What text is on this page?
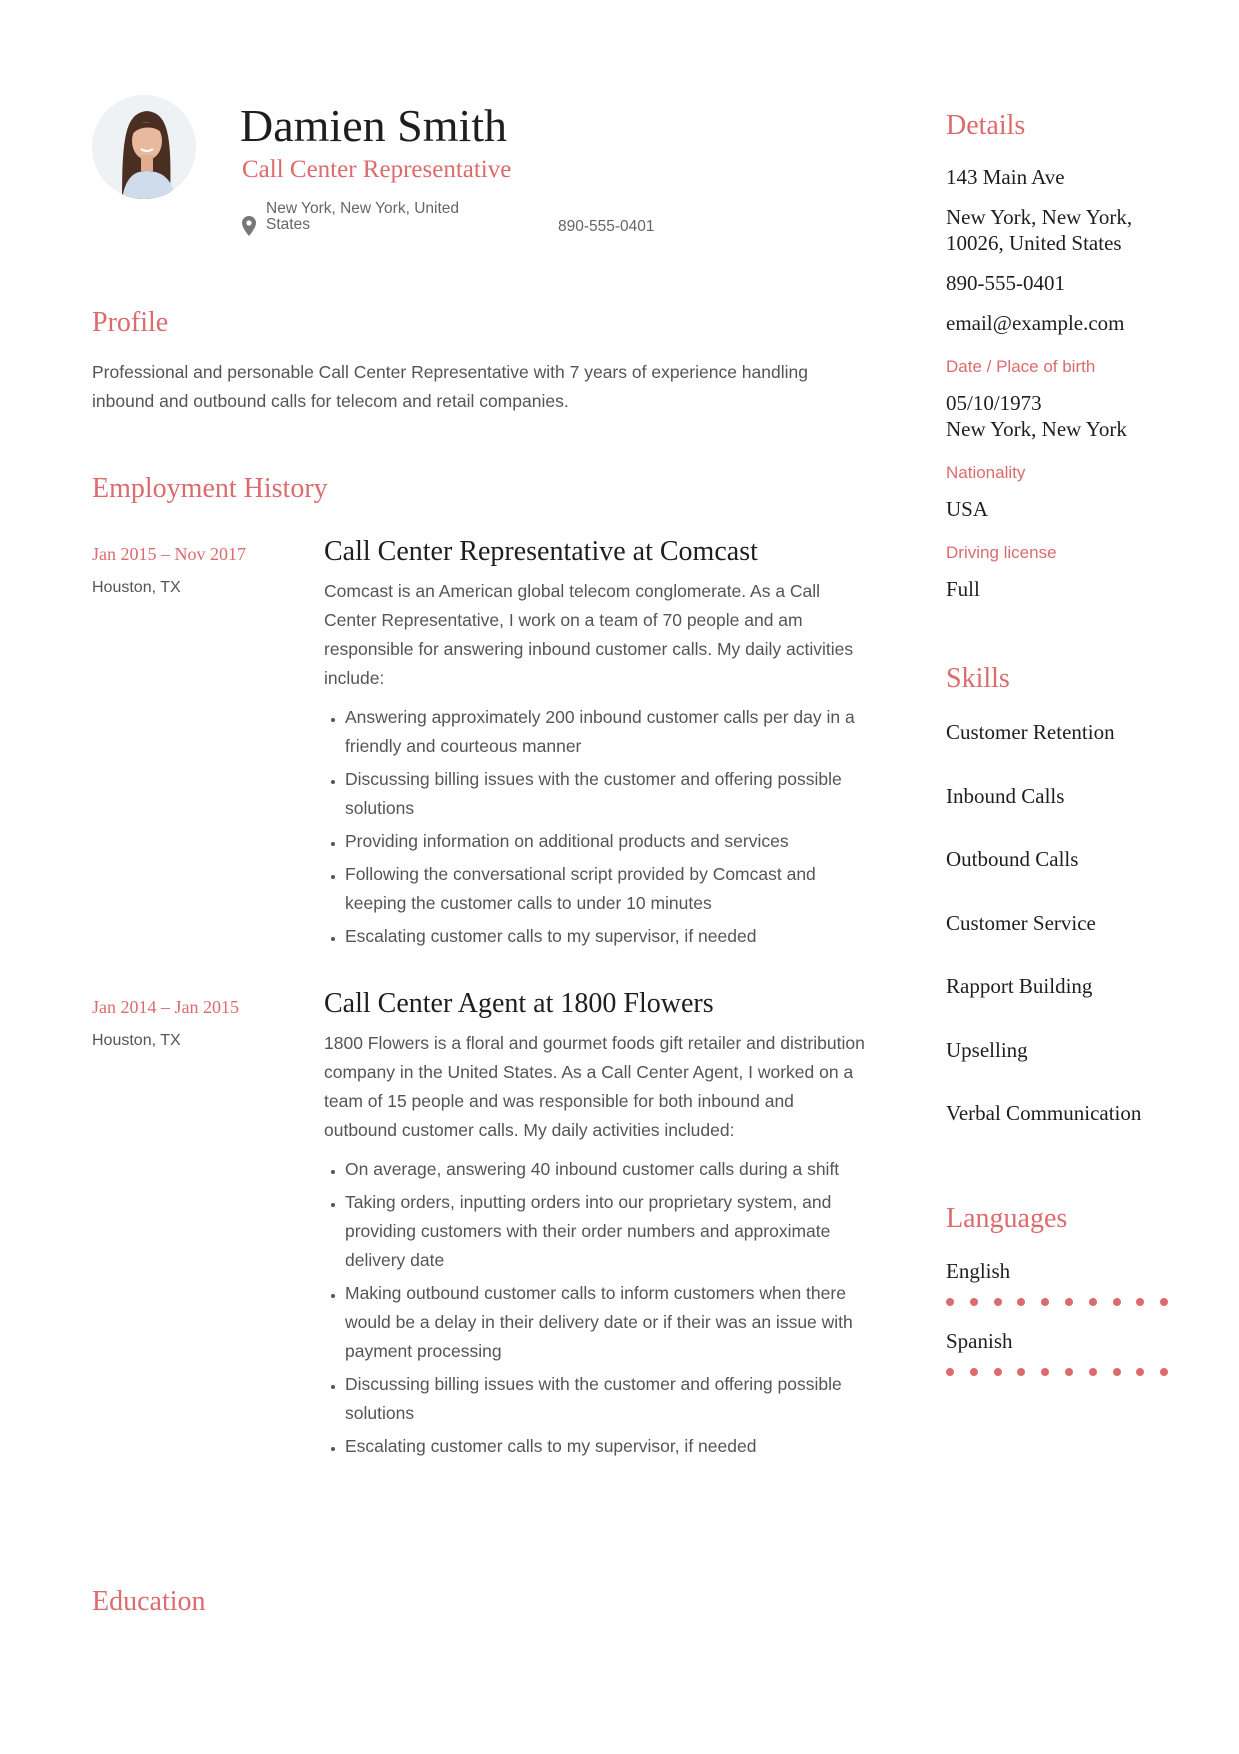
Damien Smith
Call Center Representative
New York, New York, United States	890-555-0401
Profile
Professional and personable Call Center Representative with 7 years of experience handling inbound and outbound calls for telecom and retail companies.
Employment History
Jan 2015 – Nov 2017
Houston, TX
Call Center Representative at Comcast
Comcast is an American global telecom conglomerate. As a Call Center Representative, I work on a team of 70 people and am responsible for answering inbound customer calls. My daily activities include:
• Answering approximately 200 inbound customer calls per day in a friendly and courteous manner
• Discussing billing issues with the customer and offering possible solutions
• Providing information on additional products and services
• Following the conversational script provided by Comcast and keeping the customer calls to under 10 minutes
• Escalating customer calls to my supervisor, if needed
Jan 2014 – Jan 2015
Houston, TX
Call Center Agent at 1800 Flowers
1800 Flowers is a floral and gourmet foods gift retailer and distribution company in the United States. As a Call Center Agent, I worked on a team of 15 people and was responsible for both inbound and outbound customer calls. My daily activities included:
• On average, answering 40 inbound customer calls during a shift
• Taking orders, inputting orders into our proprietary system, and providing customers with their order numbers and approximate delivery date
• Making outbound customer calls to inform customers when there would be a delay in their delivery date or if their was an issue with payment processing
• Discussing billing issues with the customer and offering possible solutions
• Escalating customer calls to my supervisor, if needed
Education
Details
143 Main Ave
New York, New York, 10026, United States
890-555-0401
email@example.com
Date / Place of birth
05/10/1973
New York, New York
Nationality
USA
Driving license
Full
Skills
Customer Retention
Inbound Calls
Outbound Calls
Customer Service
Rapport Building
Upselling
Verbal Communication
Languages
English
Spanish
